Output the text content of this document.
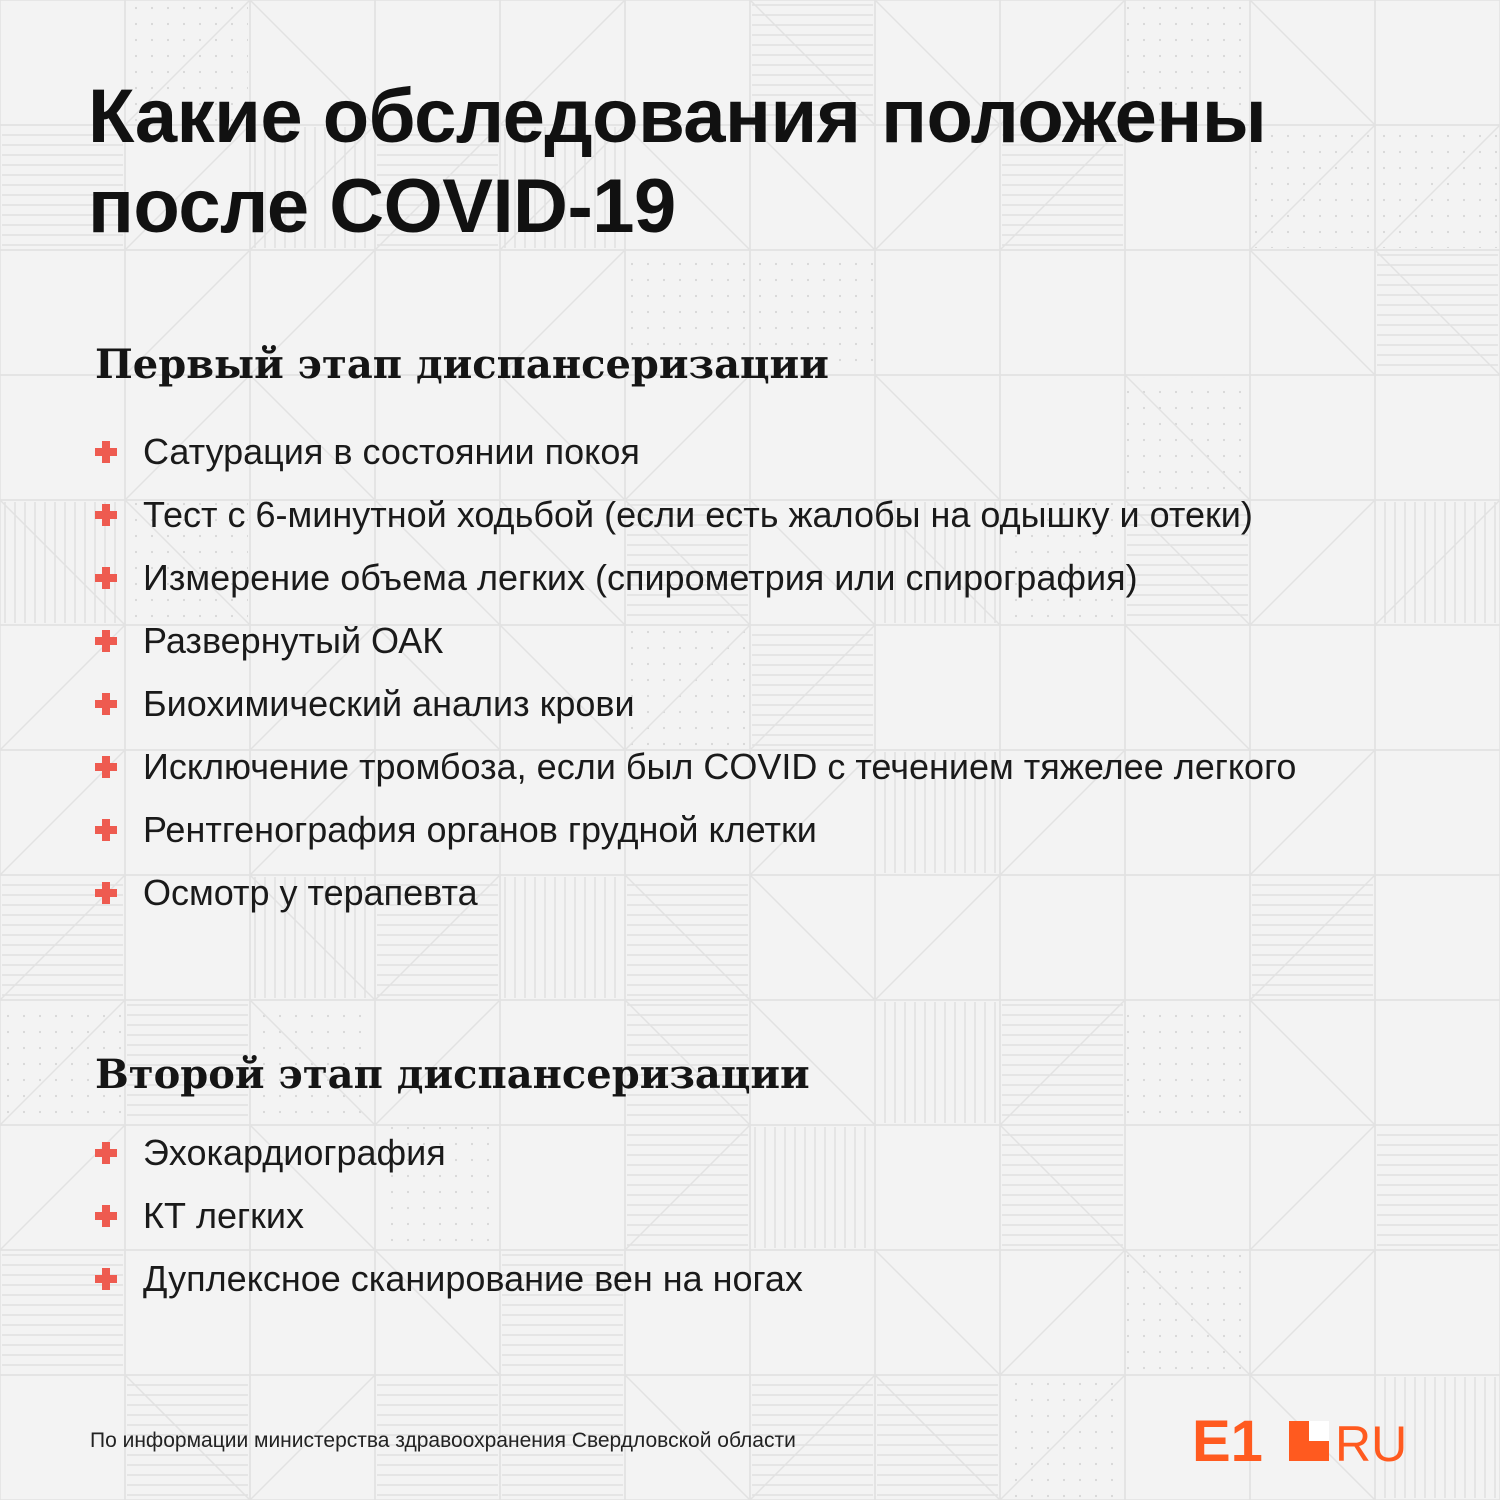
Какие обследования положены
после COVID-19
Первый этап диспансеризации
Сатурация в состоянии покоя
Тест с 6-минутной ходьбой (если есть жалобы на одышку и отеки)
Измерение объема легких (спирометрия или спирография)
Развернутый ОАК
Биохимический анализ крови
Исключение тромбоза, если был COVID с течением тяжелее легкого
Рентгенография органов грудной клетки
Осмотр у терапевта
Второй этап диспансеризации
Эхокардиография
КТ легких
Дуплексное сканирование вен на ногах

По информации министерства здравоохранения Свердловской области	E1 RU
